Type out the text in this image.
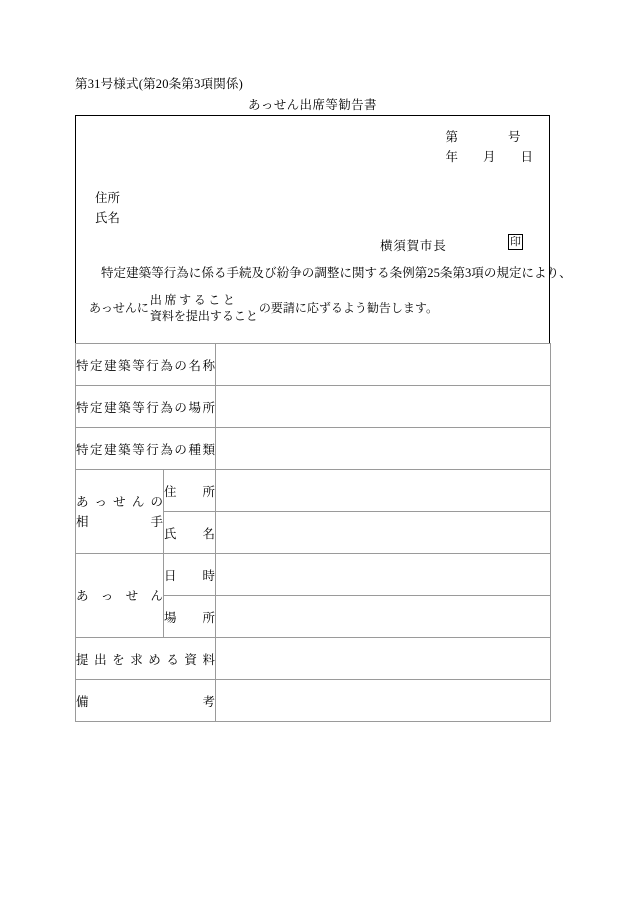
第31号様式(第20条第3項関係)
あっせん出席等勧告書
第　　　　号
年　　月　　日
住所
氏名
横須賀市長	印
特定建築等行為に係る手続及び紛争の調整に関する条例第25条第3項の規定により、
あっせんに
出席すること
資料を提出すること
の要請に応ずるよう勧告します。
特定建築等行為の名称		

特定建築等行為の場所		

特定建築等行為の種類		

あっせんの
相手	住所	

	氏名	

あっせん	日時	

	場所	

提出を求める資料		

備考		
